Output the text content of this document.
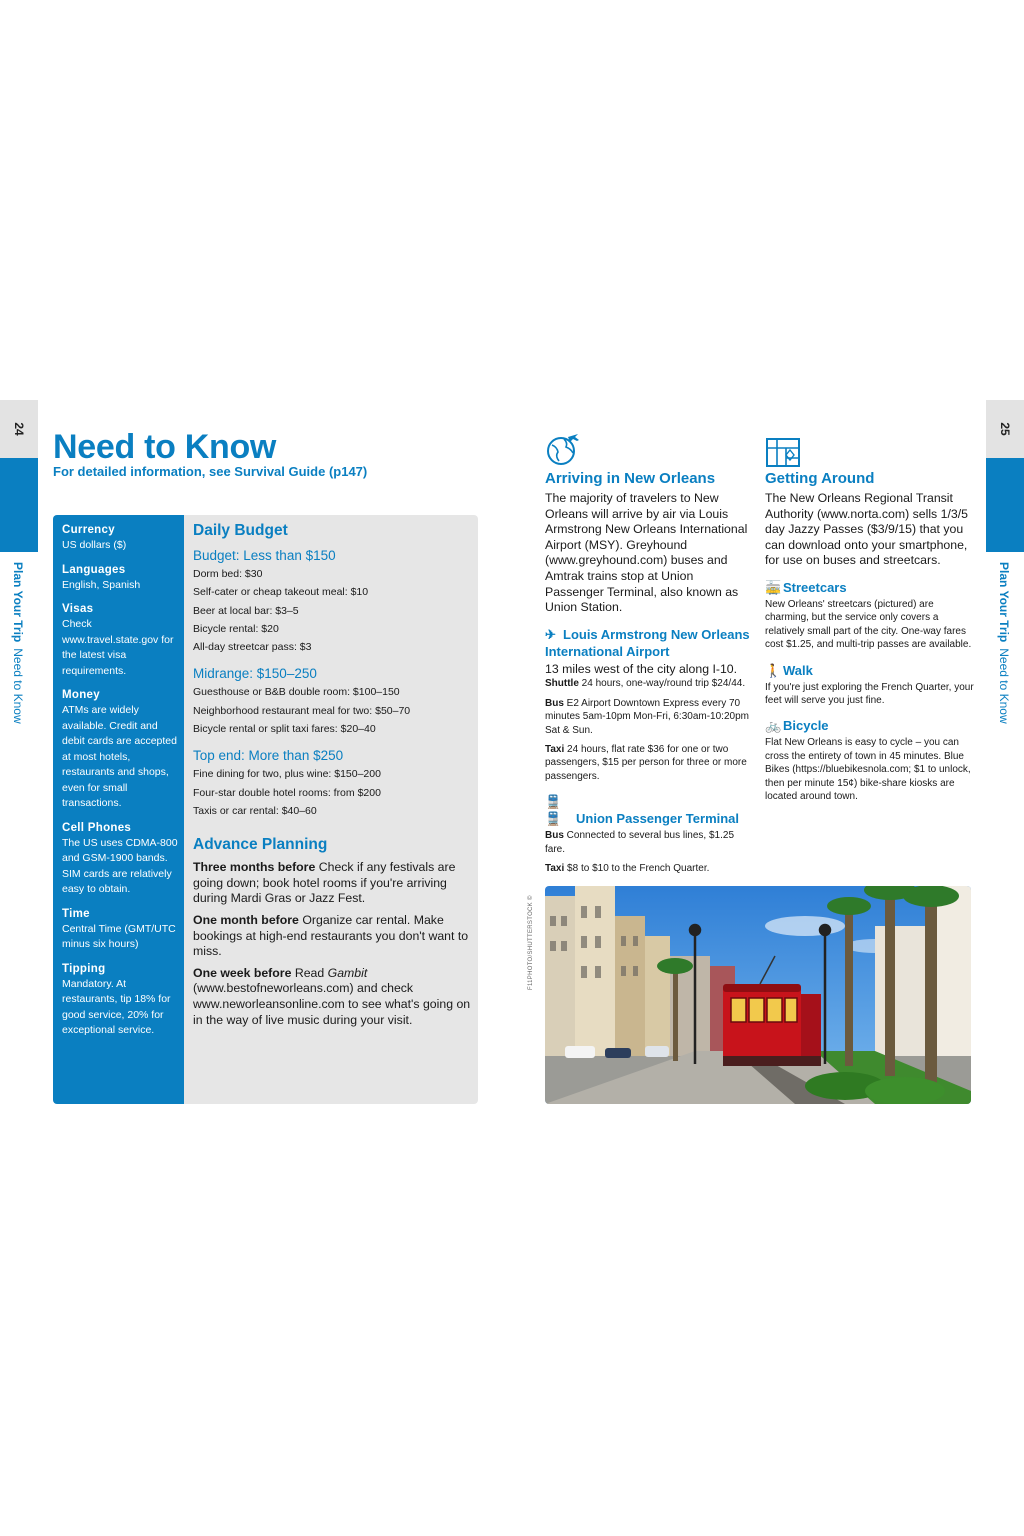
24
Plan Your TripNeed to Know
25
Plan Your TripNeed to Know
Need to Know
For detailed information, see Survival Guide (p147)
Currency

US dollars ($)

Languages

English, Spanish

Visas

Check www.travel.state.gov for the latest visa requirements.

Money

ATMs are widely available. Credit and debit cards are accepted at most hotels, restaurants and shops, even for small transactions.

Cell Phones

The US uses CDMA-800 and GSM-1900 bands. SIM cards are relatively easy to obtain.

Time

Central Time (GMT/UTC minus six hours)

Tipping

Mandatory. At restaurants, tip 18% for good service, 20% for exceptional service.

Daily Budget
Budget: Less than $150
Dorm bed: $30
Self-cater or cheap takeout meal: $10
Beer at local bar: $3–5
Bicycle rental: $20
All-day streetcar pass: $3
Midrange: $150–250
Guesthouse or B&B double room: $100–150
Neighborhood restaurant meal for two: $50–70
Bicycle rental or split taxi fares: $20–40
Top end: More than $250
Fine dining for two, plus wine: $150–200
Four-star double hotel rooms: from $200
Taxis or car rental: $40–60
Advance Planning

Three months before Check if any festivals are going down; book hotel rooms if you're arriving during Mardi Gras or Jazz Fest.

One month before Organize car rental. Make bookings at high-end restaurants you don't want to miss.

One week before Read Gambit (www.bestofneworleans.com) and check www.neworleansonline.com to see what's going on in the way of live music during your visit.

Arriving in New Orleans

The majority of travelers to New Orleans will arrive by air via Louis Armstrong New Orleans International Airport (MSY). Greyhound (www.greyhound.com) buses and Amtrak trains stop at Union Passenger Terminal, also known as Union Station.

✈ Louis Armstrong New Orleans International Airport

13 miles west of the city along I-10.

Shuttle 24 hours, one-way/round trip $24/44.

Bus E2 Airport Downtown Express every 70 minutes 5am-10pm Mon-Fri, 6:30am-10:20pm Sat & Sun.

Taxi 24 hours, flat rate $36 for one or two passengers, $15 per person for three or more passengers.

🚆🚆 Union Passenger Terminal

Bus Connected to several bus lines, $1.25 fare.

Taxi $8 to $10 to the French Quarter.

Getting Around

The New Orleans Regional Transit Authority (www.norta.com) sells 1/3/5 day Jazzy Passes ($3/9/15) that you can download onto your smartphone, for use on buses and streetcars.

🚋 Streetcars

New Orleans' streetcars (pictured) are charming, but the service only covers a relatively small part of the city. One-way fares cost $1.25, and multi-trip passes are available.

🚶 Walk

If you're just exploring the French Quarter, your feet will serve you just fine.

🚲 Bicycle

Flat New Orleans is easy to cycle – you can cross the entirety of town in 45 minutes. Blue Bikes (https://bluebikesnola.com; $1 to unlock, then per minute 15¢) bike-share kiosks are located around town.

F11PHOTO/SHUTTERSTOCK ©
